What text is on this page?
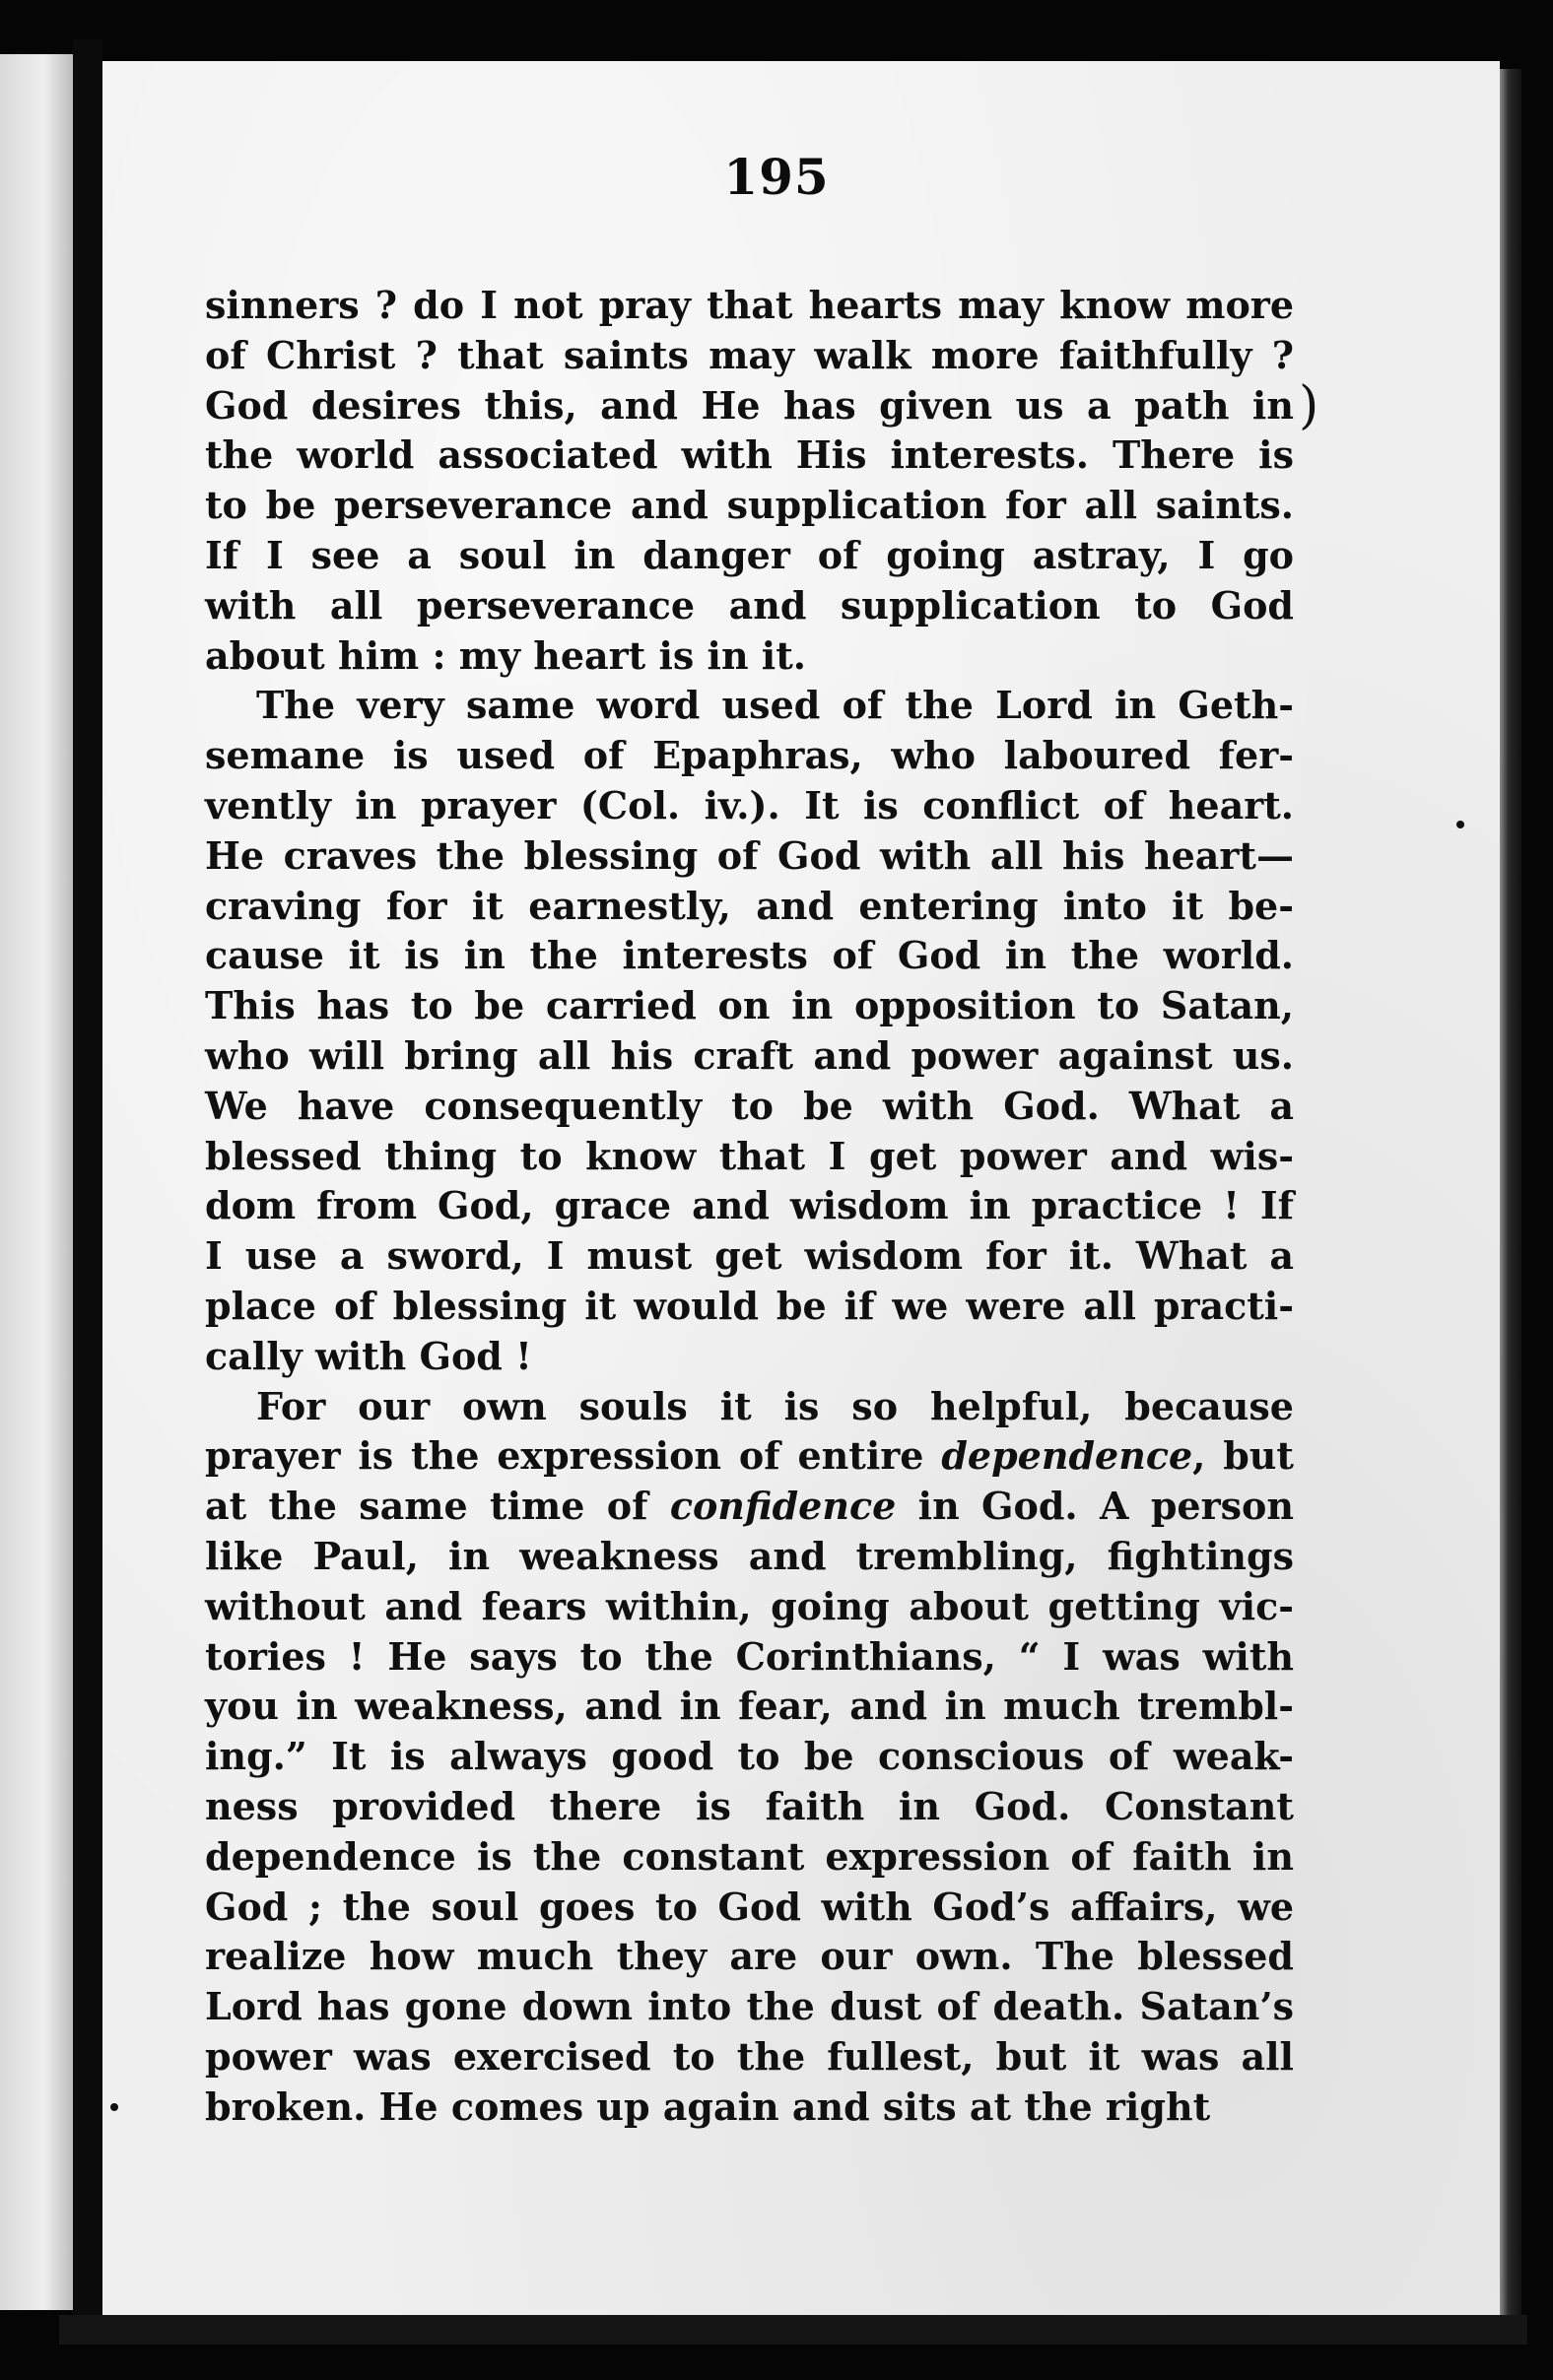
195
)

sinners ? do I not pray that hearts may know more
of Christ ? that saints may walk more faithfully ?
God desires this, and He has given us a path in
the world associated with His interests. There is
to be perseverance and supplication for all saints.
If I see a soul in danger of going astray, I go
with all perseverance and supplication to God
about him : my heart is in it.

The very same word used of the Lord in Geth-
semane is used of Epaphras, who laboured fer-
vently in prayer (Col. iv.). It is conflict of heart.
He craves the blessing of God with all his heart—
craving for it earnestly, and entering into it be-
cause it is in the interests of God in the world.
This has to be carried on in opposition to Satan,
who will bring all his craft and power against us.
We have consequently to be with God. What a
blessed thing to know that I get power and wis-
dom from God, grace and wisdom in practice ! If
I use a sword, I must get wisdom for it. What a
place of blessing it would be if we were all practi-
cally with God !

For our own souls it is so helpful, because
prayer is the expression of entire dependence, but
at the same time of confidence in God. A person
like Paul, in weakness and trembling, fightings
without and fears within, going about getting vic-
tories ! He says to the Corinthians, “ I was with
you in weakness, and in fear, and in much trembl-
ing.” It is always good to be conscious of weak-
ness provided there is faith in God. Constant
dependence is the constant expression of faith in
God ; the soul goes to God with God’s affairs, we
realize how much they are our own. The blessed
Lord has gone down into the dust of death. Satan’s
power was exercised to the fullest, but it was all
broken. He comes up again and sits at the right
